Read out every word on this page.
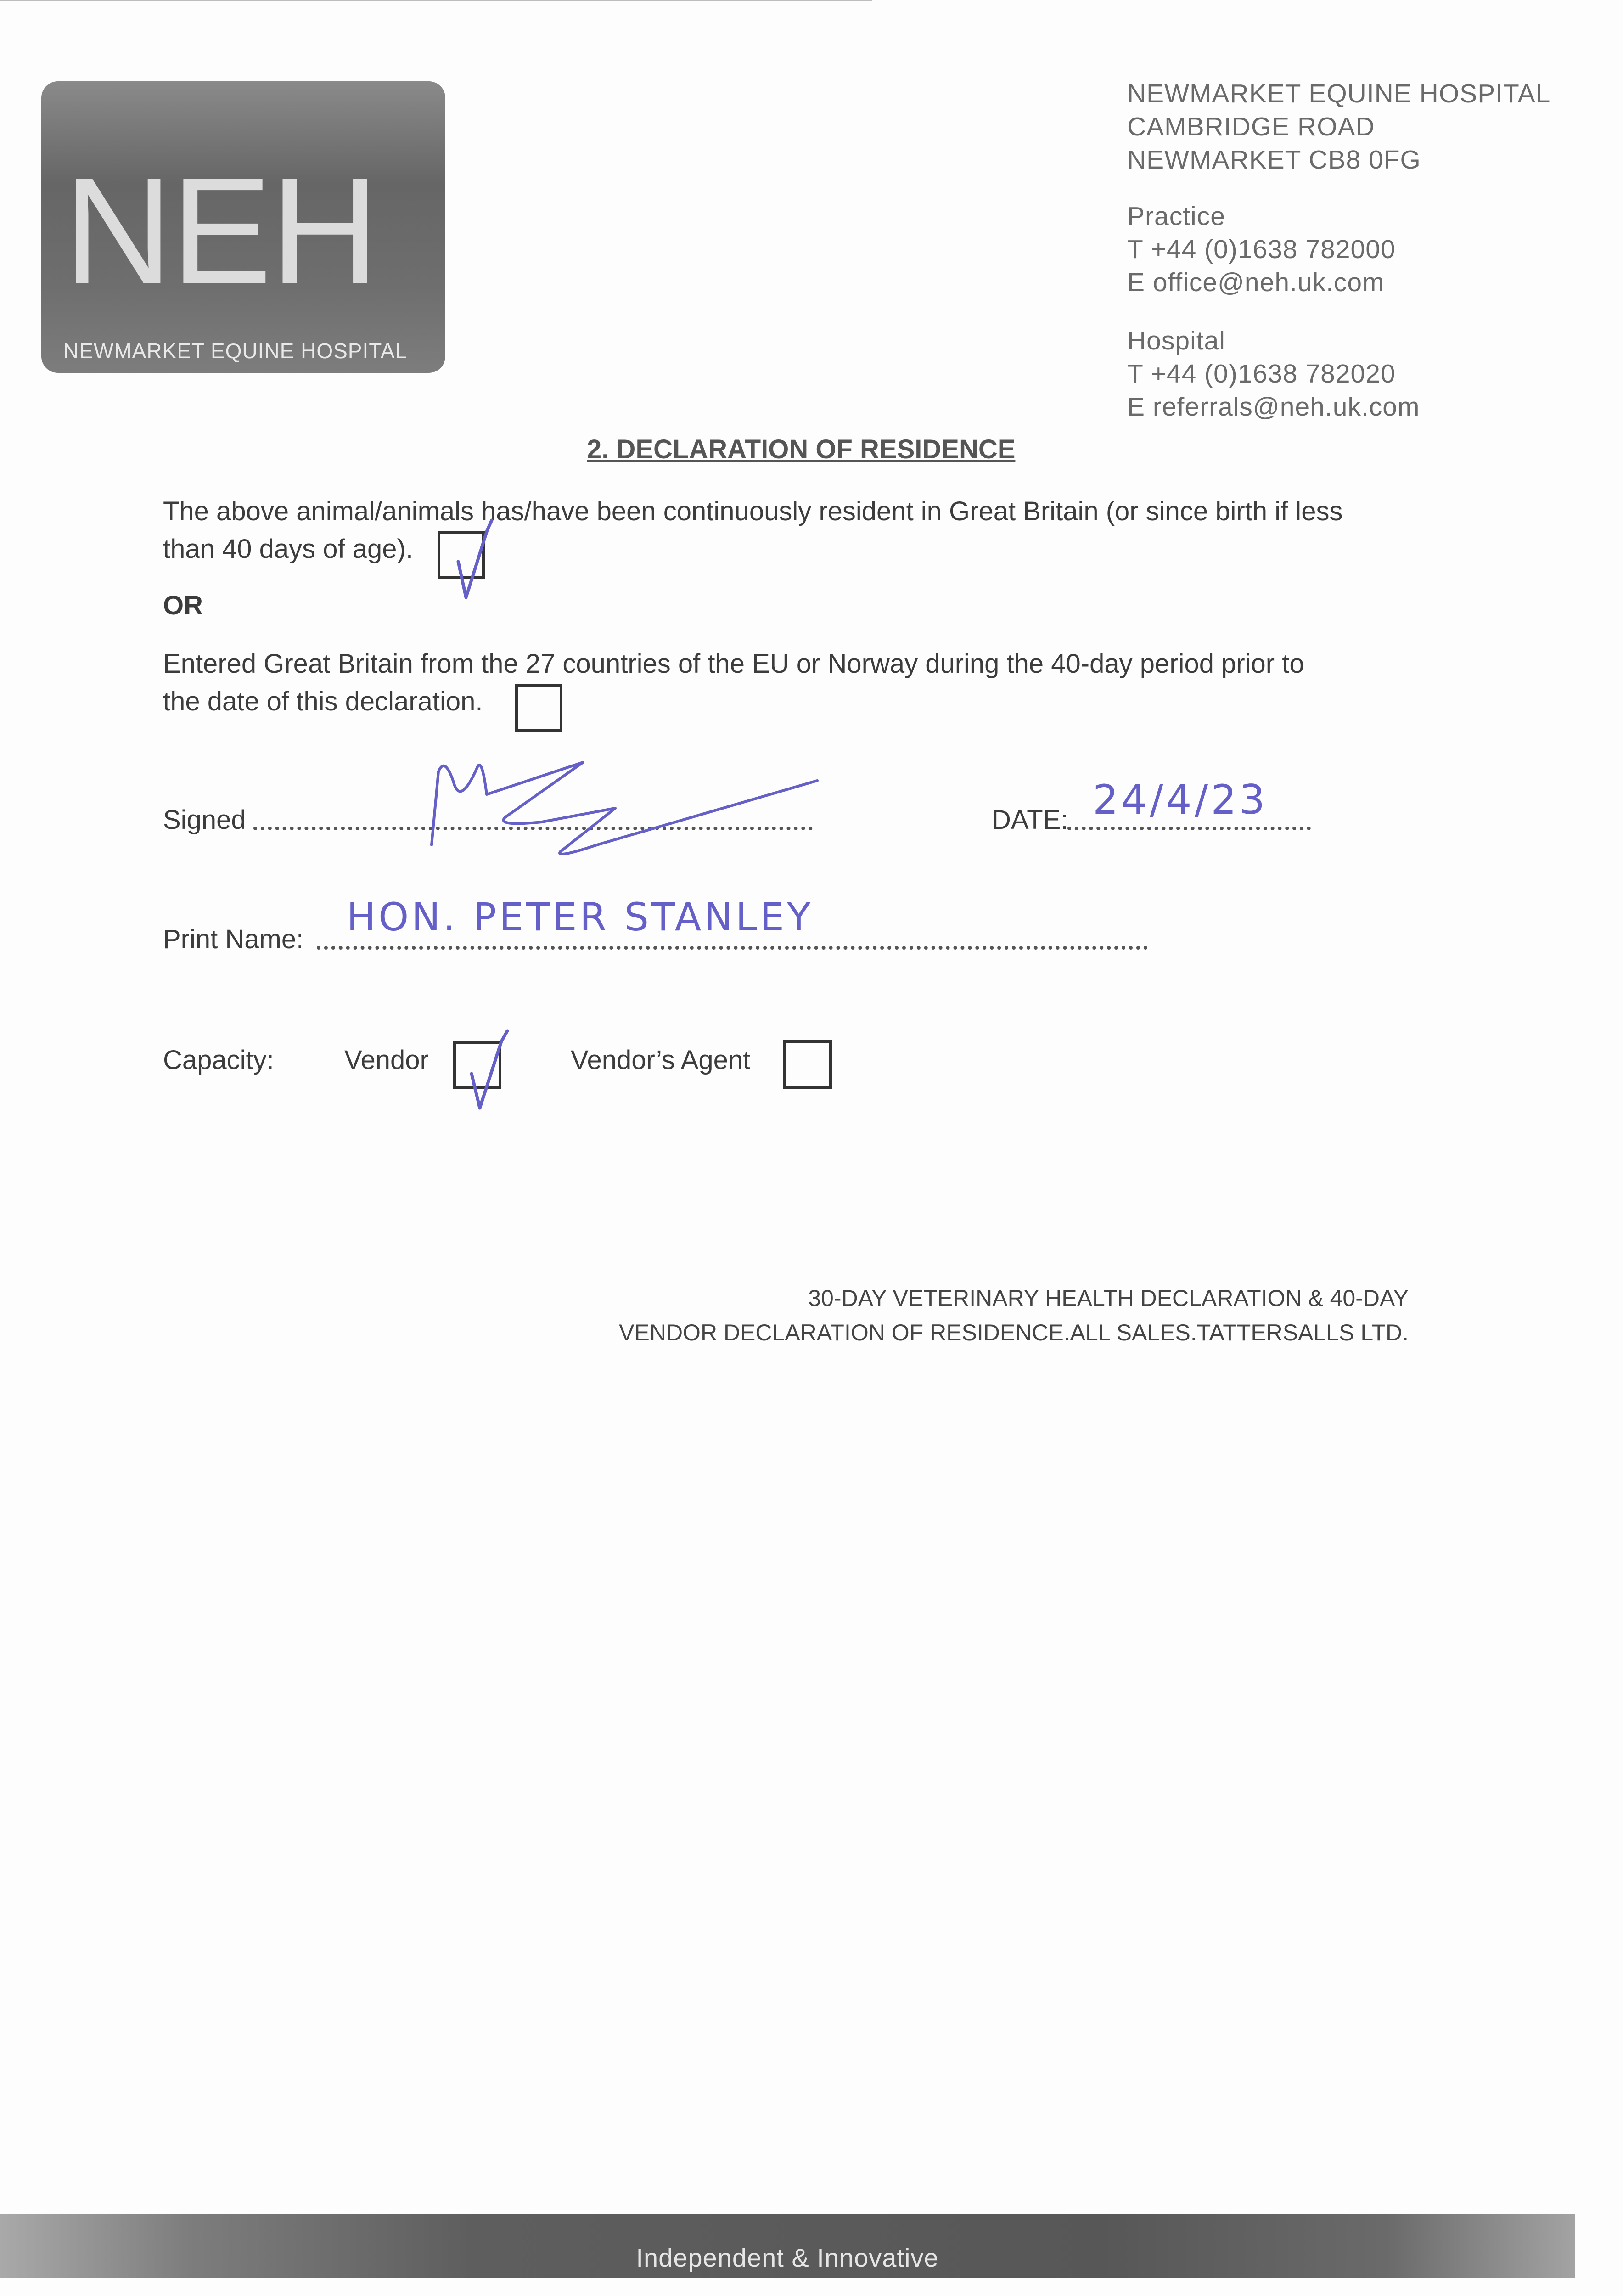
NEH
NEWMARKET EQUINE HOSPITAL
NEWMARKET EQUINE HOSPITAL
CAMBRIDGE ROAD
NEWMARKET CB8 0FG
Practice
T +44 (0)1638 782000
E office@neh.uk.com
Hospital
T +44 (0)1638 782020
E referrals@neh.uk.com
2. DECLARATION OF RESIDENCE
The above animal/animals has/have been continuously resident in Great Britain (or since birth if less
than 40 days of age).
OR
Entered Great Britain from the 27 countries of the EU or Norway during the 40-day period prior to
the date of this declaration.
Signed	DATE: 24/4/23
Print Name: HON. PETER STANLEY
Capacity:	Vendor	Vendor’s Agent
30-DAY VETERINARY HEALTH DECLARATION & 40-DAY
VENDOR DECLARATION OF RESIDENCE.ALL SALES.TATTERSALLS LTD.
Independent & Innovative
